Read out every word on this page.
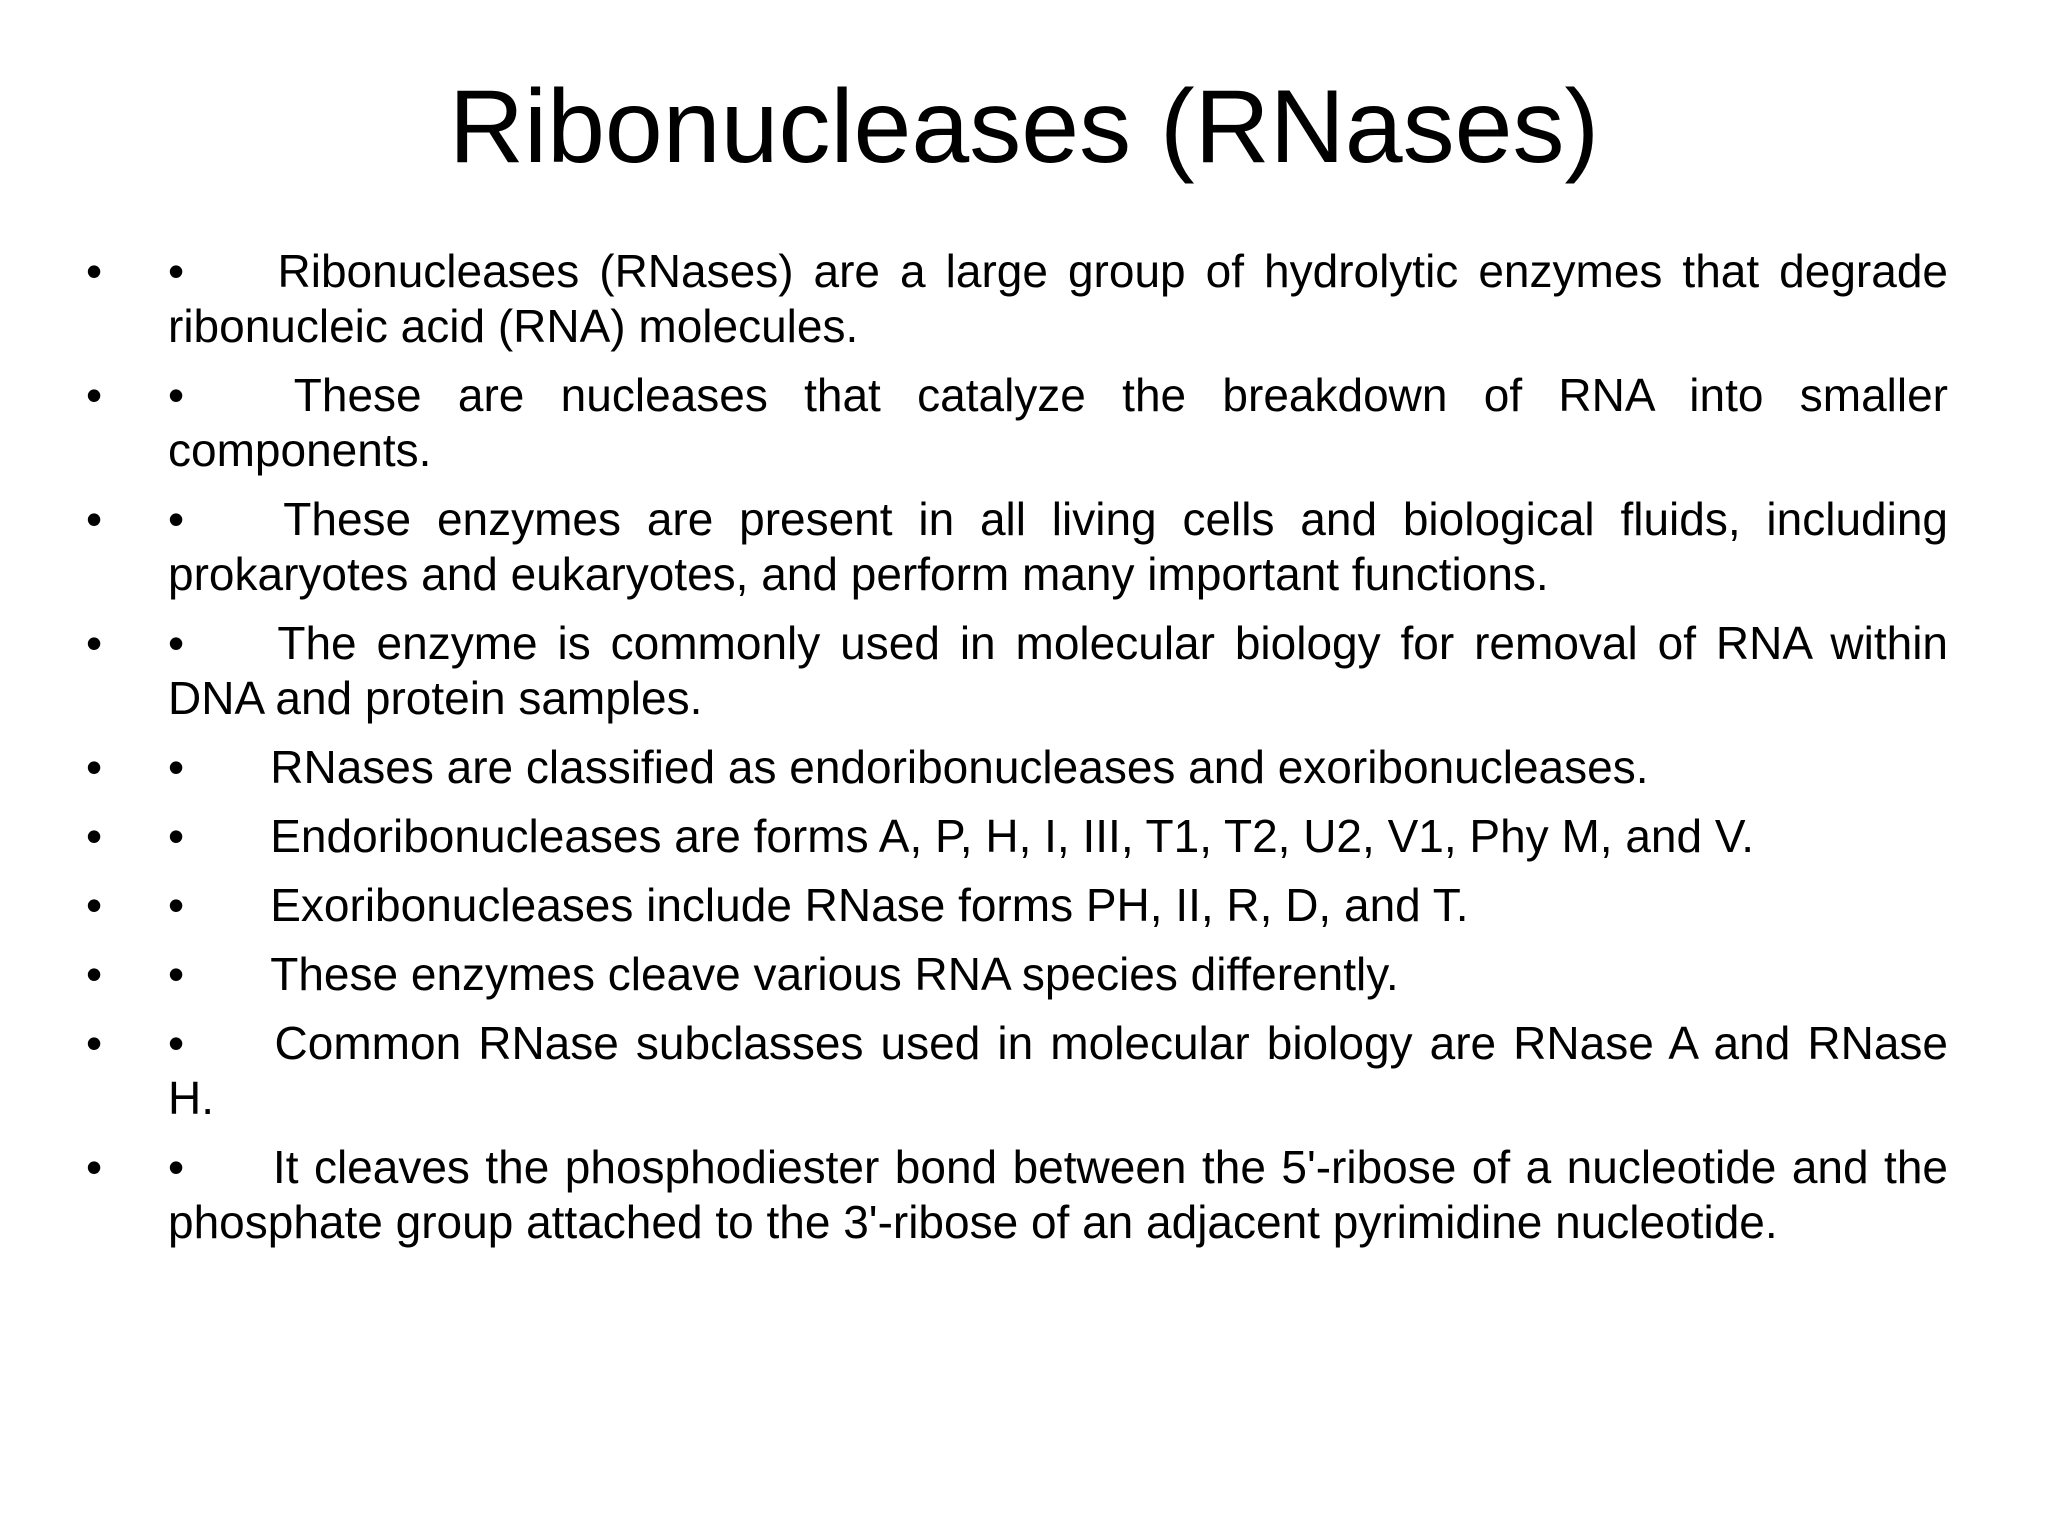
Ribonucleases (RNases)
• •	Ribonucleases (RNases) are a large group of hydrolytic enzymes that degrade ribonucleic acid (RNA) molecules.
• •	These are nucleases that catalyze the breakdown of RNA into smaller components.
• •	These enzymes are present in all living cells and biological fluids, including prokaryotes and eukaryotes, and perform many important functions.
• •	The enzyme is commonly used in molecular biology for removal of RNA within DNA and protein samples.
• •	RNases are classified as endoribonucleases and exoribonucleases.
• •	Endoribonucleases are forms A, P, H, I, III, T1, T2, U2, V1, Phy M, and V.
• •	Exoribonucleases include RNase forms PH, II, R, D, and T.
• •	These enzymes cleave various RNA species differently.
• •	Common RNase subclasses used in molecular biology are RNase A and RNase H.
• •	It cleaves the phosphodiester bond between the 5'-ribose of a nucleotide and the phosphate group attached to the 3'-ribose of an adjacent pyrimidine nucleotide.
